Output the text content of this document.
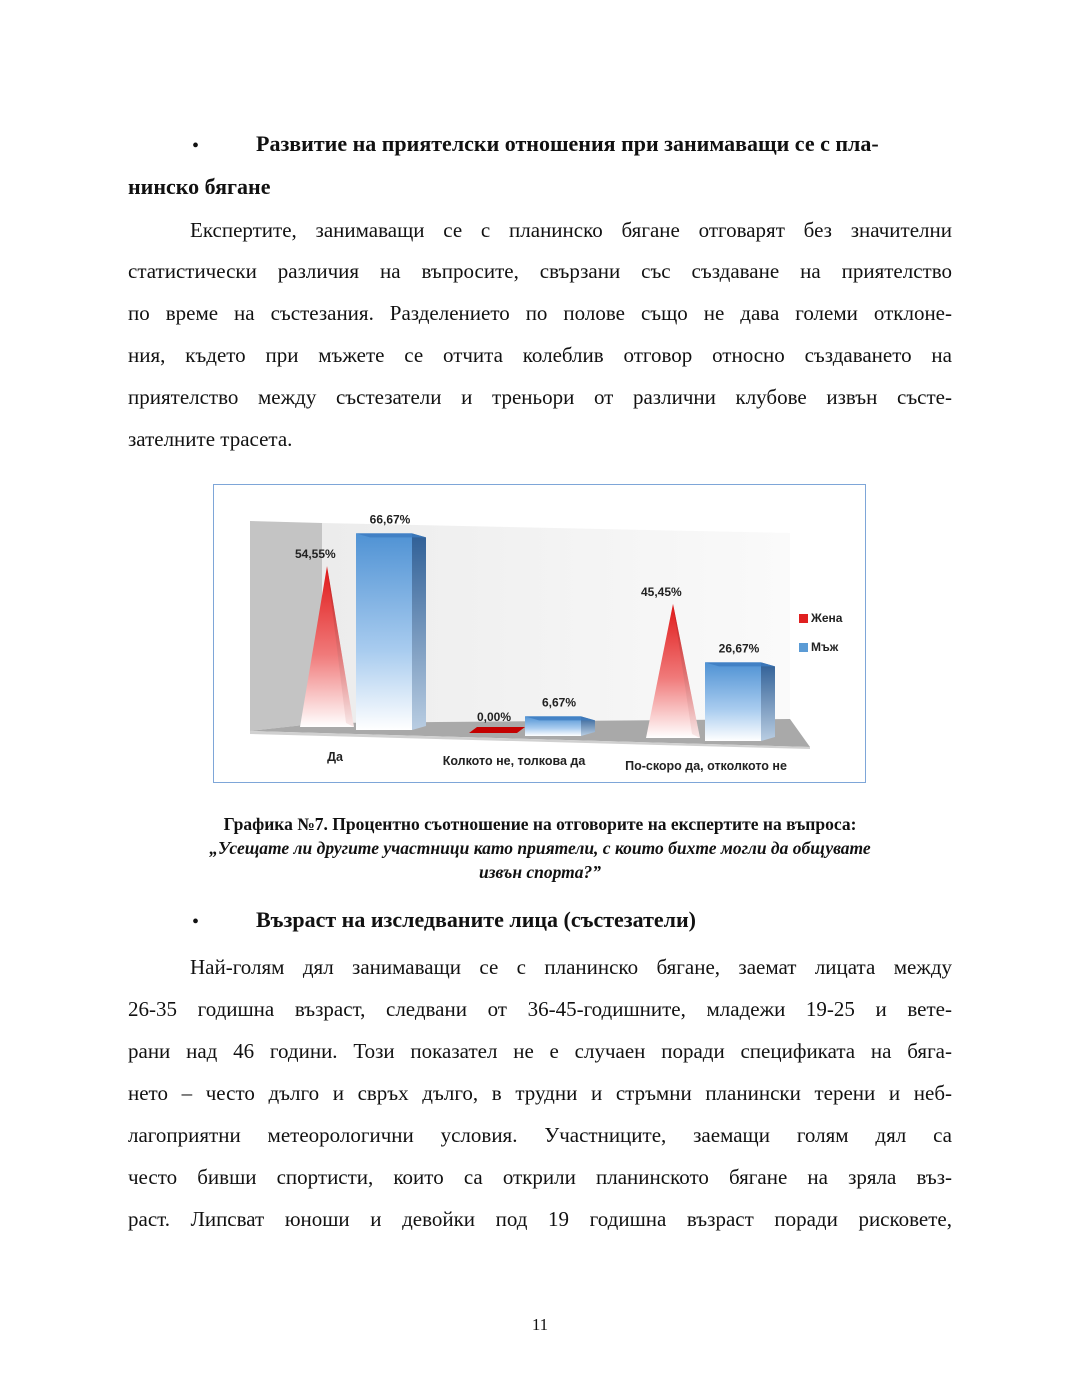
•	Развитие на приятелски отношения при занимаващи се с пла-
нинско бягане
Експертите, занимаващи се с планинско бягане отговарят без значителни
статистически различия на въпросите, свързани със създаване на приятелство
по време на състезания. Разделението по полове също не дава големи отклоне-
ния, където при мъжете се отчита колеблив отговор относно създаването на
приятелство между състезатели и треньори от различни клубове извън състе-
зателните трасета.
54,55%
66,67%
0,00%
6,67%
45,45%
26,67%
Да	Колкото не, толкова да	По-скоро да, отколкото не
Жена
Мъж
Графика №7. Процентно съотношение на отговорите на експертите на въпроса:
„Усещате ли другите участници като приятели, с които бихте могли да общувате
извън спорта?”
•	Възраст на изследваните лица (състезатели)
Най-голям дял занимаващи се с планинско бягане, заемат лицата между
26-35 годишна възраст, следвани от 36-45-годишните, младежи 19-25 и вете-
рани над 46 години. Този показател не е случаен поради спецификата на бяга-
нето – често дълго и свръх дълго, в трудни и стръмни планински терени и неб-
лагоприятни метеорологични условия. Участниците, заемащи голям дял са
често бивши спортисти, които са открили планинското бягане на зряла въз-
раст. Липсват юноши и девойки под 19 годишна възраст поради рисковете,
11
